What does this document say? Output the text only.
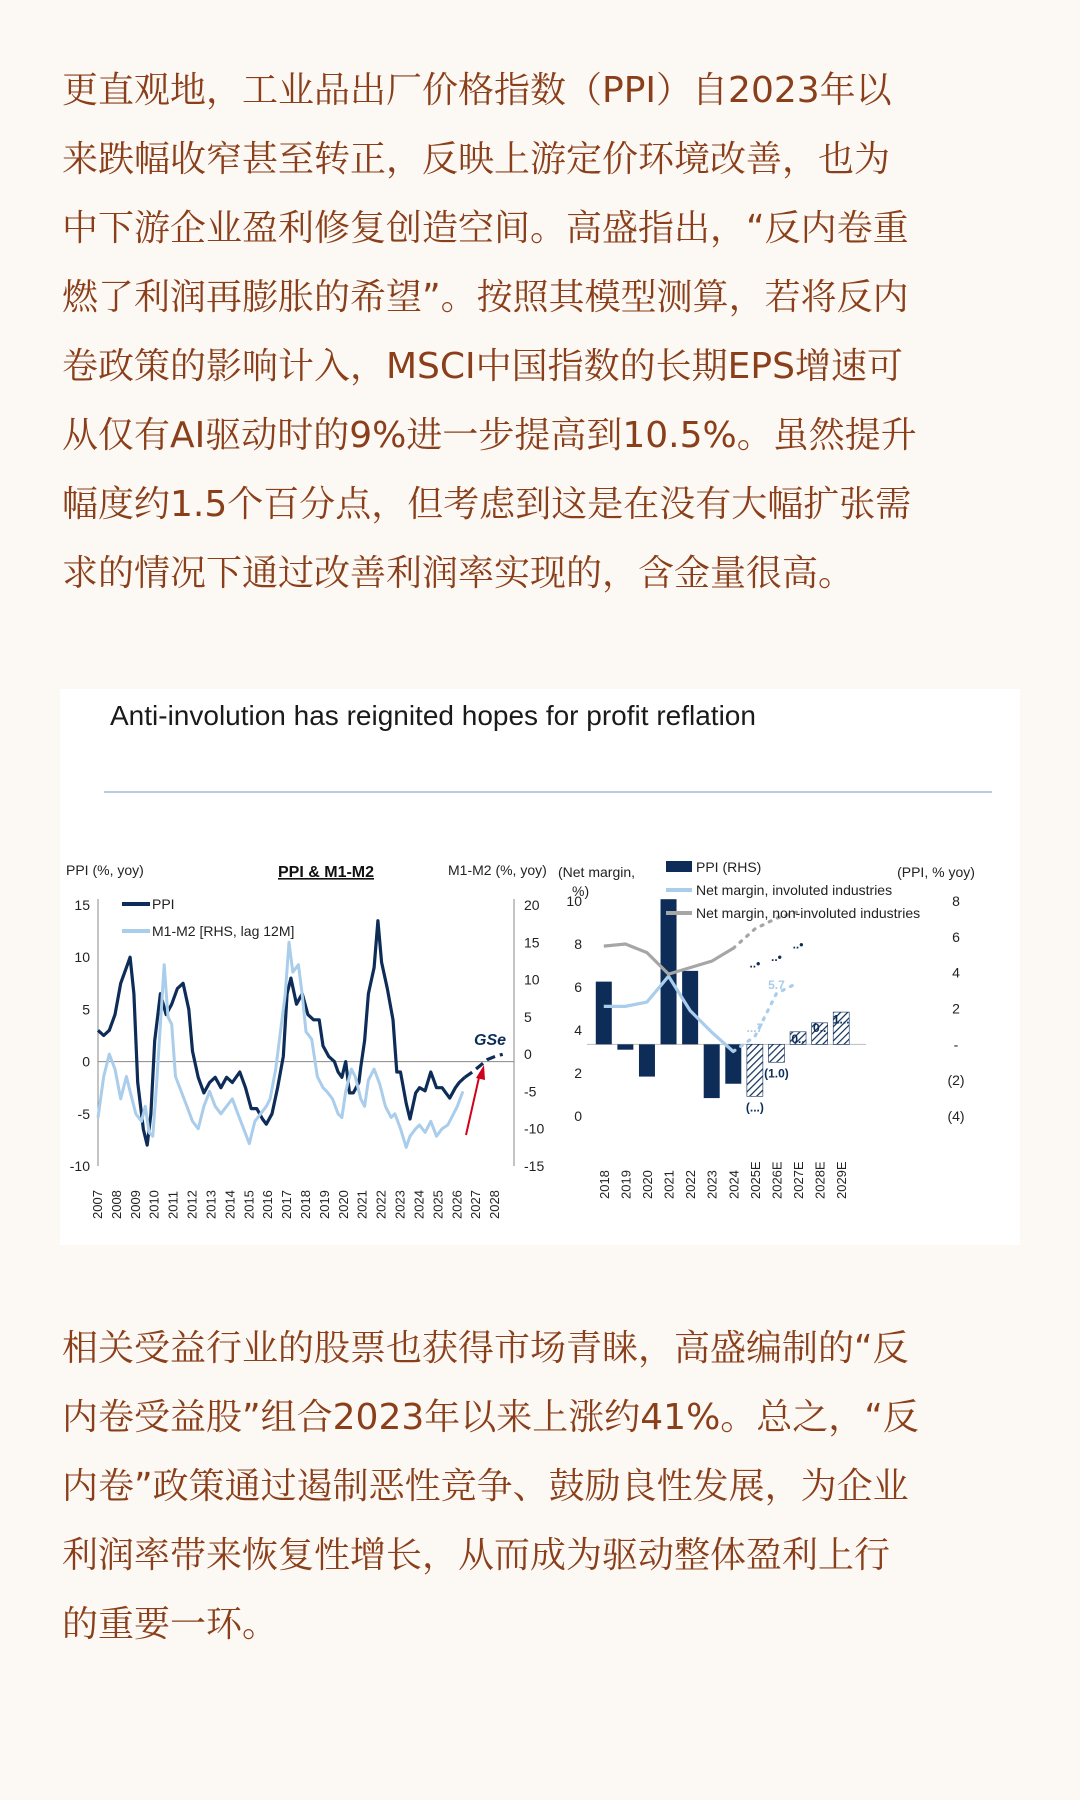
更直观地，工业品出厂价格指数（PPI）自2023年以
来跌幅收窄甚至转正，反映上游定价环境改善，也为
中下游企业盈利修复创造空间。高盛指出，“反内卷重
燃了利润再膨胀的希望”。按照其模型测算，若将反内
卷政策的影响计入，MSCI中国指数的长期EPS增速可
从仅有AI驱动时的9%进一步提高到10.5%。虽然提升
幅度约1.5个百分点，但考虑到这是在没有大幅扩张需
求的情况下通过改善利润率实现的，含金量很高。
Anti-involution has reignited hopes for profit reflation
PPI (%, yoy)	M1-M2 (%, yoy)
PPI & M1-M2
15
10
5
0
-5
-10
20
15
10
5
0
-5
-10
-15
2007 2008 2009 2010 2011 2012 2013 2014 2015 2016 2017 2018 2019 2020 2021 2022 2023 2024 2025 2026 2027 2028
PPI
M1-M2 [RHS, lag 12M]
GSe
(Net margin,
%)
(PPI, % yoy)
10
8
6
4
2
0
8
6
4
2
-
(2)
(4)
...7
5.7
(1.0)
(...)
0..
0..
1...
..• ..•
..•
2018 2019 2020 2021 2022 2023 2024 2025E 2026E 2027E 2028E 2029E
PPI (RHS)
Net margin, involuted industries
Net margin, non-involuted industries
相关受益行业的股票也获得市场青睐，高盛编制的“反
内卷受益股”组合2023年以来上涨约41%。总之，“反
内卷”政策通过遏制恶性竞争、鼓励良性发展，为企业
利润率带来恢复性增长，从而成为驱动整体盈利上行
的重要一环。
